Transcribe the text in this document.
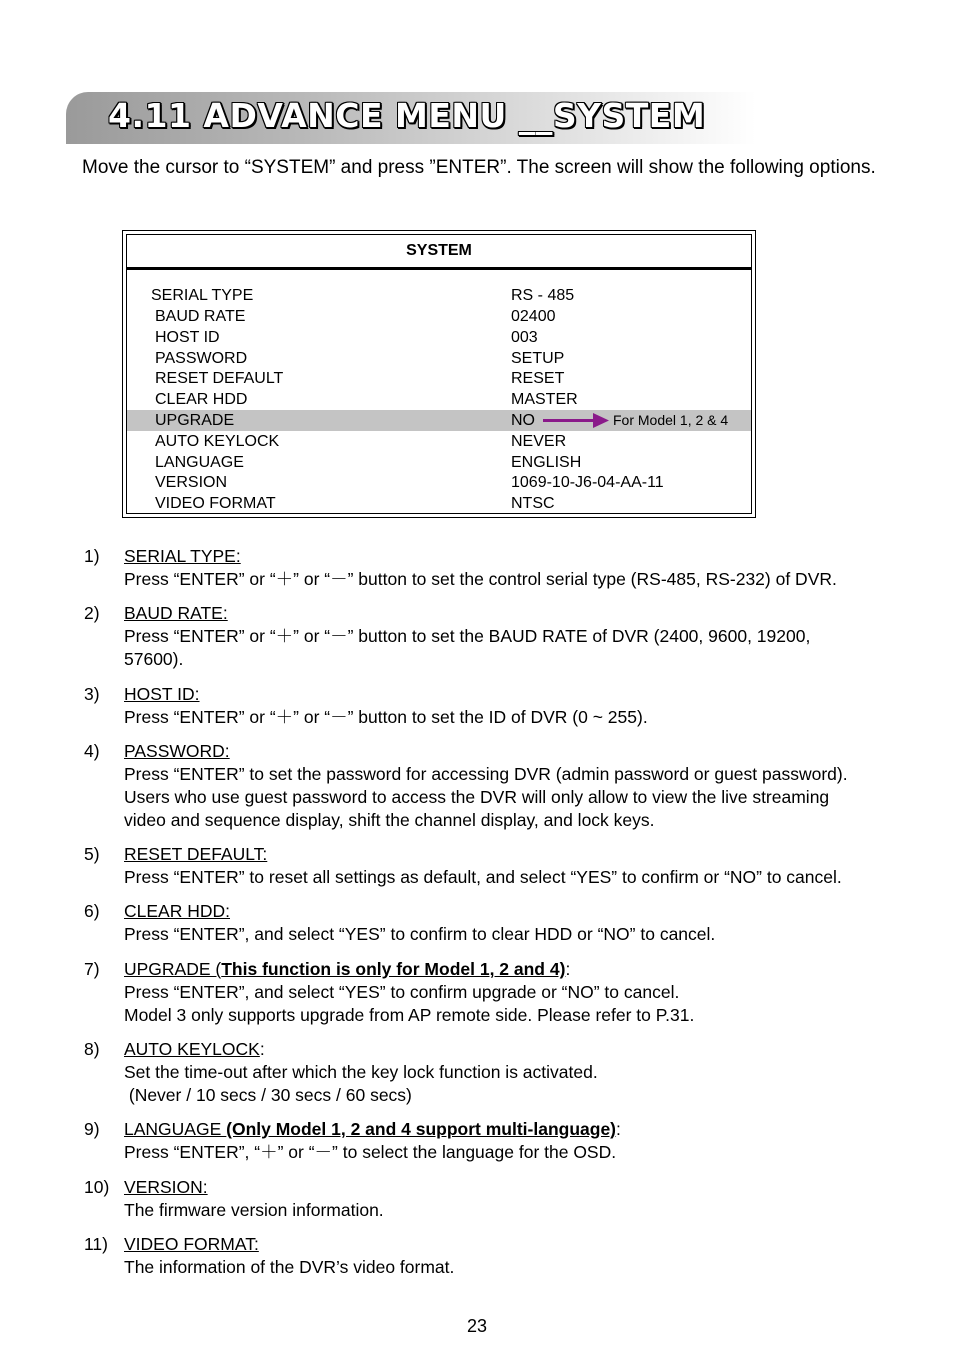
4.11 ADVANCE MENU __SYSTEM
Move the cursor to “SYSTEM” and press ”ENTER”. The screen will show the following options.
SYSTEM
SERIAL TYPE	RS - 485
BAUD RATE	02400
HOST ID	003
PASSWORD	SETUP
RESET DEFAULT	RESET
CLEAR HDD	MASTER
UPGRADE	NO	For Model 1, 2 & 4
AUTO KEYLOCK	NEVER
LANGUAGE	ENGLISH
VERSION	1069-10-J6-04-AA-11
VIDEO FORMAT	NTSC
1) SERIAL TYPE:
Press “ENTER” or “＋” or “－” button to set the control serial type (RS-485, RS-232) of DVR.
2) BAUD RATE:
Press “ENTER” or “＋” or “－” button to set the BAUD RATE of DVR (2400, 9600, 19200,
57600).
3) HOST ID:
Press “ENTER” or “＋” or “－” button to set the ID of DVR (0 ~ 255).
4) PASSWORD:
Press “ENTER” to set the password for accessing DVR (admin password or guest password).
Users who use guest password to access the DVR will only allow to view the live streaming
video and sequence display, shift the channel display, and lock keys.
5) RESET DEFAULT:
Press “ENTER” to reset all settings as default, and select “YES” to confirm or “NO” to cancel.
6) CLEAR HDD:
Press “ENTER”, and select “YES” to confirm to clear HDD or “NO” to cancel.
7) UPGRADE (This function is only for Model 1, 2 and 4):
Press “ENTER”, and select “YES” to confirm upgrade or “NO” to cancel.
Model 3 only supports upgrade from AP remote side. Please refer to P.31.
8) AUTO KEYLOCK:
Set the time-out after which the key lock function is activated.
(Never / 10 secs / 30 secs / 60 secs)
9) LANGUAGE (Only Model 1, 2 and 4 support multi-language):
Press “ENTER”, “＋” or “－” to select the language for the OSD.
10) VERSION:
The firmware version information.
11) VIDEO FORMAT:
The information of the DVR’s video format.
23
